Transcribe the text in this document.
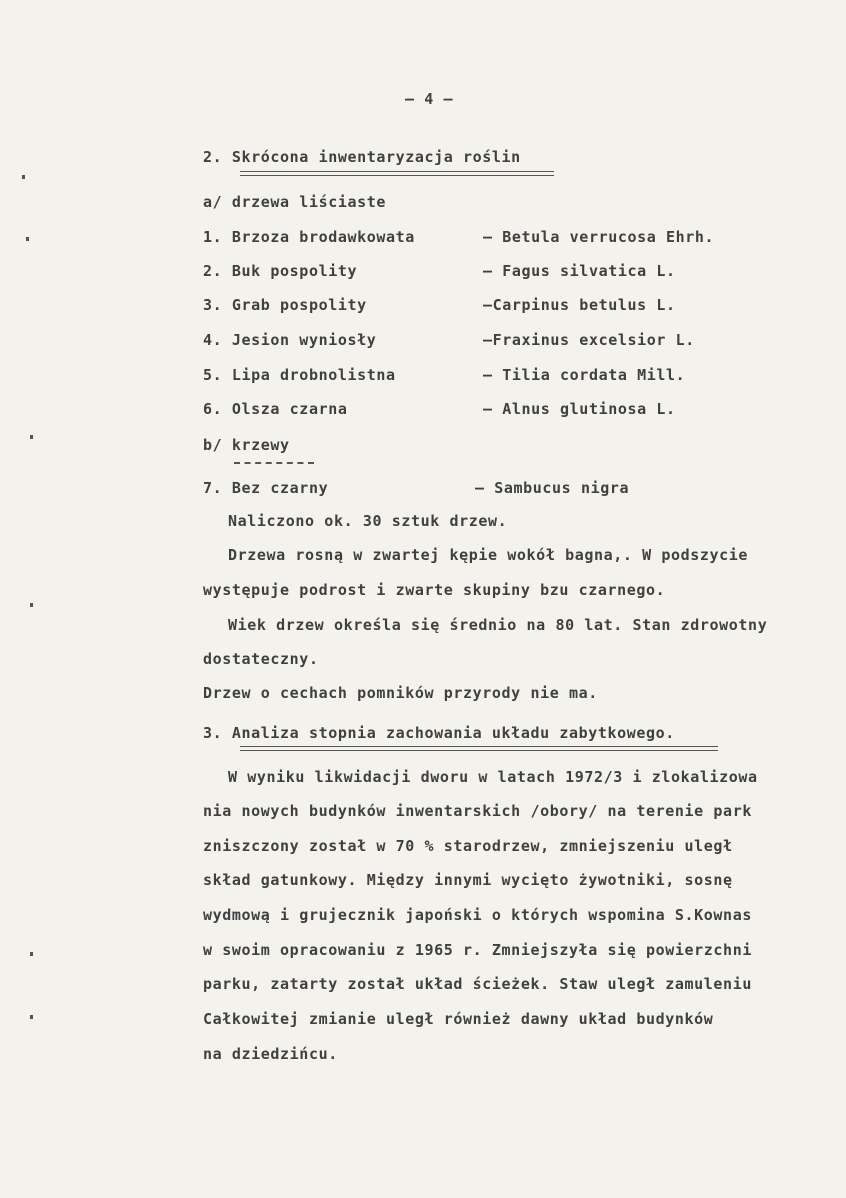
– 4 –
2. Skrócona inwentaryzacja roślin
a/ drzewa liściaste
1. Brzoza brodawkowata	– Betula verrucosa Ehrh.
2. Buk pospolity	– Fagus silvatica L.
3. Grab pospolity	–Carpinus betulus L.
4. Jesion wyniosły	–Fraxinus excelsior L.
5. Lipa drobnolistna	– Tilia cordata Mill.
6. Olsza czarna	– Alnus glutinosa L.
b/ krzewy
7. Bez czarny	– Sambucus nigra
Naliczono ok. 30 sztuk drzew.
Drzewa rosną w zwartej kępie wokół bagna,. W podszycie
występuje podrost i zwarte skupiny bzu czarnego.
Wiek drzew określa się średnio na 80 lat. Stan zdrowotny
dostateczny.
Drzew o cechach pomników przyrody nie ma.
3. Analiza stopnia zachowania układu zabytkowego.
W wyniku likwidacji dworu w latach 1972/3 i zlokalizowa
nia nowych budynków inwentarskich /obory/ na terenie park
zniszczony został w 70 % starodrzew, zmniejszeniu uległ
skład gatunkowy. Między innymi wycięto żywotniki, sosnę
wydmową i grujecznik japoński o których wspomina S.Kownas
w swoim opracowaniu z 1965 r. Zmniejszyła się powierzchni
parku, zatarty został układ ścieżek. Staw uległ zamuleniu
Całkowitej zmianie uległ również dawny układ budynków
na dziedzińcu.
